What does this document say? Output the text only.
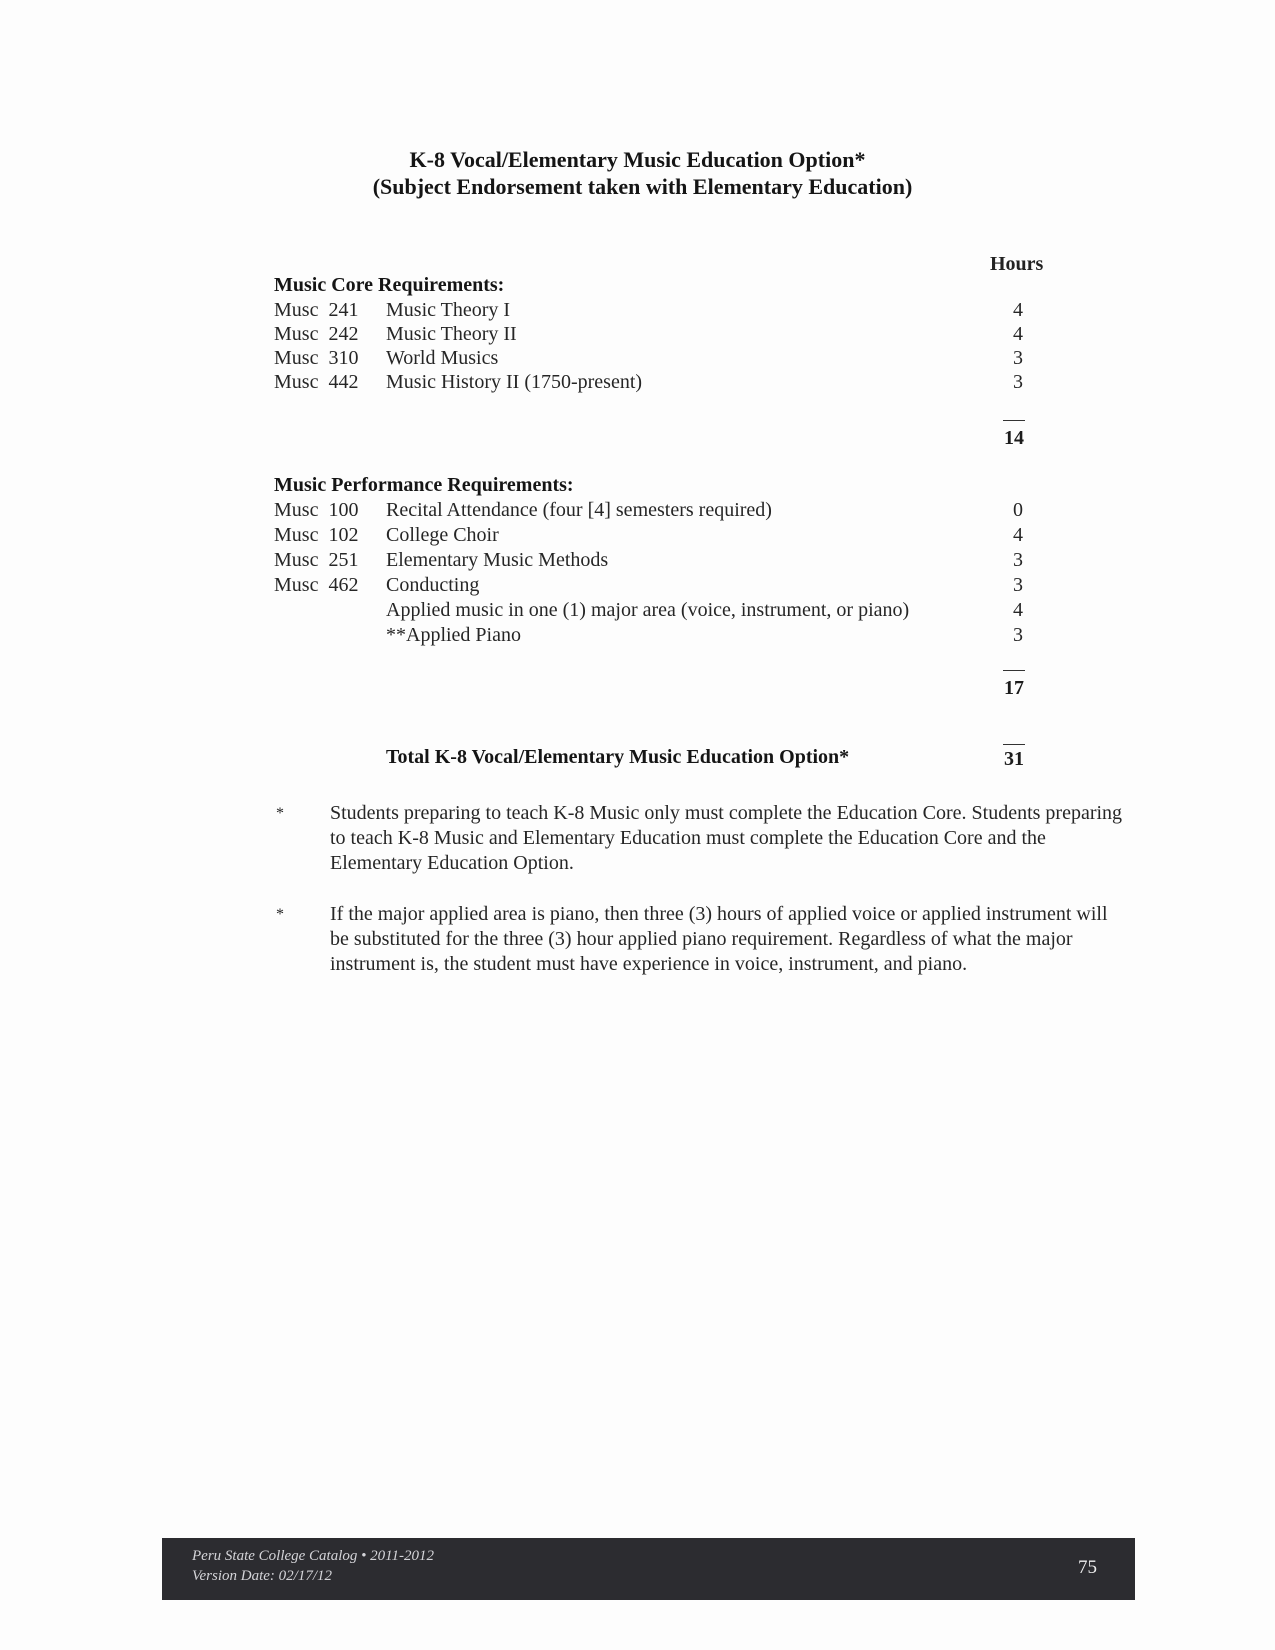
K-8 Vocal/Elementary Music Education Option*
(Subject Endorsement taken with Elementary Education)
Hours
Music Core Requirements:
Musc  241	Music Theory I	4
Musc  242	Music Theory II	4
Musc  310	World Musics	3
Musc  442	Music History II (1750-present)	3
14
Music Performance Requirements:
Musc  100	Recital Attendance (four [4] semesters required)	0
Musc  102	College Choir	4
Musc  251	Elementary Music Methods	3
Musc  462	Conducting	3
Applied music in one (1) major area (voice, instrument, or piano)	4
**Applied Piano	3
17
Total K-8 Vocal/Elementary Music Education Option*	31
* Students preparing to teach K-8 Music only must complete the Education Core. Students preparing to teach K-8 Music and Elementary Education must complete the Education Core and the Elementary Education Option.
* If the major applied area is piano, then three (3) hours of applied voice or applied instrument will be substituted for the three (3) hour applied piano requirement. Regardless of what the major instrument is, the student must have experience in voice, instrument, and piano.
Peru State College Catalog • 2011-2012
Version Date: 02/17/12	75
